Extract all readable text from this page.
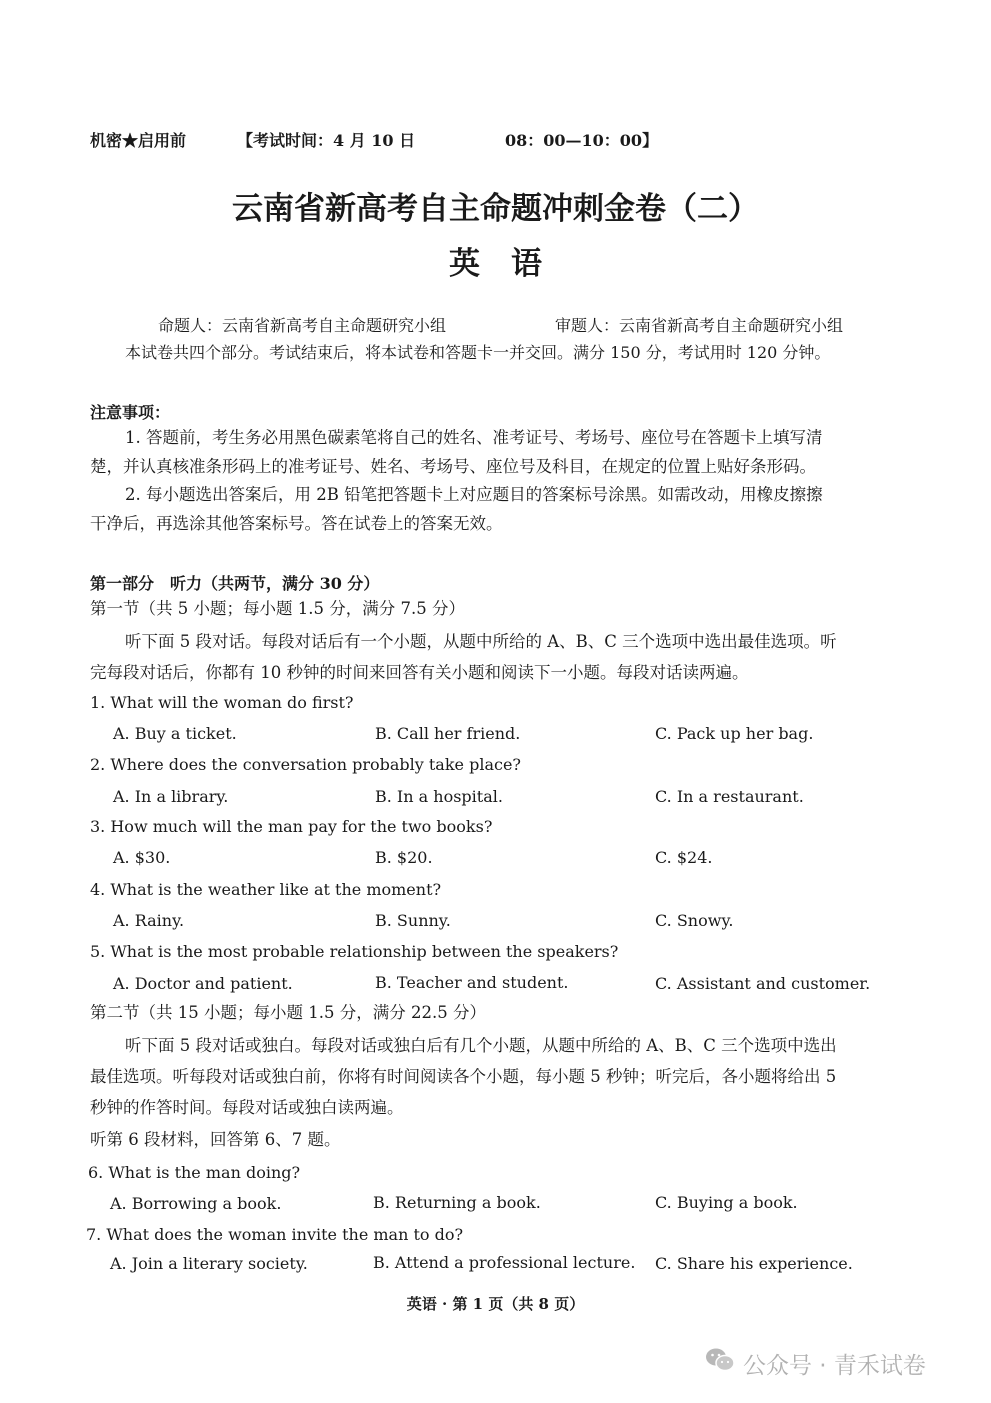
机密★启用前	【考试时间：4 月 10 日	08：00—10：00】
云南省新高考自主命题冲刺金卷（二）
英　语
命题人：云南省新高考自主命题研究小组	审题人：云南省新高考自主命题研究小组
本试卷共四个部分。考试结束后，将本试卷和答题卡一并交回。满分 150 分，考试用时 120 分钟。
注意事项：
1. 答题前，考生务必用黑色碳素笔将自己的姓名、准考证号、考场号、座位号在答题卡上填写清
楚，并认真核准条形码上的准考证号、姓名、考场号、座位号及科目，在规定的位置上贴好条形码。
2. 每小题选出答案后，用 2B 铅笔把答题卡上对应题目的答案标号涂黑。如需改动，用橡皮擦擦
干净后，再选涂其他答案标号。答在试卷上的答案无效。
第一部分　听力（共两节，满分 30 分）
第一节（共 5 小题；每小题 1.5 分，满分 7.5 分）
听下面 5 段对话。每段对话后有一个小题，从题中所给的 A、B、C 三个选项中选出最佳选项。听
完每段对话后，你都有 10 秒钟的时间来回答有关小题和阅读下一小题。每段对话读两遍。
1. What will the woman do first?
A. Buy a ticket.	B. Call her friend.	C. Pack up her bag.
2. Where does the conversation probably take place?
A. In a library.	B. In a hospital.	C. In a restaurant.
3. How much will the man pay for the two books?
A. $30.	B. $20.	C. $24.
4. What is the weather like at the moment?
A. Rainy.	B. Sunny.	C. Snowy.
5. What is the most probable relationship between the speakers?
A. Doctor and patient.	B. Teacher and student.	C. Assistant and customer.
第二节（共 15 小题；每小题 1.5 分，满分 22.5 分）
听下面 5 段对话或独白。每段对话或独白后有几个小题，从题中所给的 A、B、C 三个选项中选出
最佳选项。听每段对话或独白前，你将有时间阅读各个小题，每小题 5 秒钟；听完后，各小题将给出 5
秒钟的作答时间。每段对话或独白读两遍。
听第 6 段材料，回答第 6、7 题。
6. What is the man doing?
A. Borrowing a book.	B. Returning a book.	C. Buying a book.
7. What does the woman invite the man to do?
A. Join a literary society.	B. Attend a professional lecture. C. Share his experience.
英语 · 第 1 页（共 8 页）
公众号 · 青禾试卷
